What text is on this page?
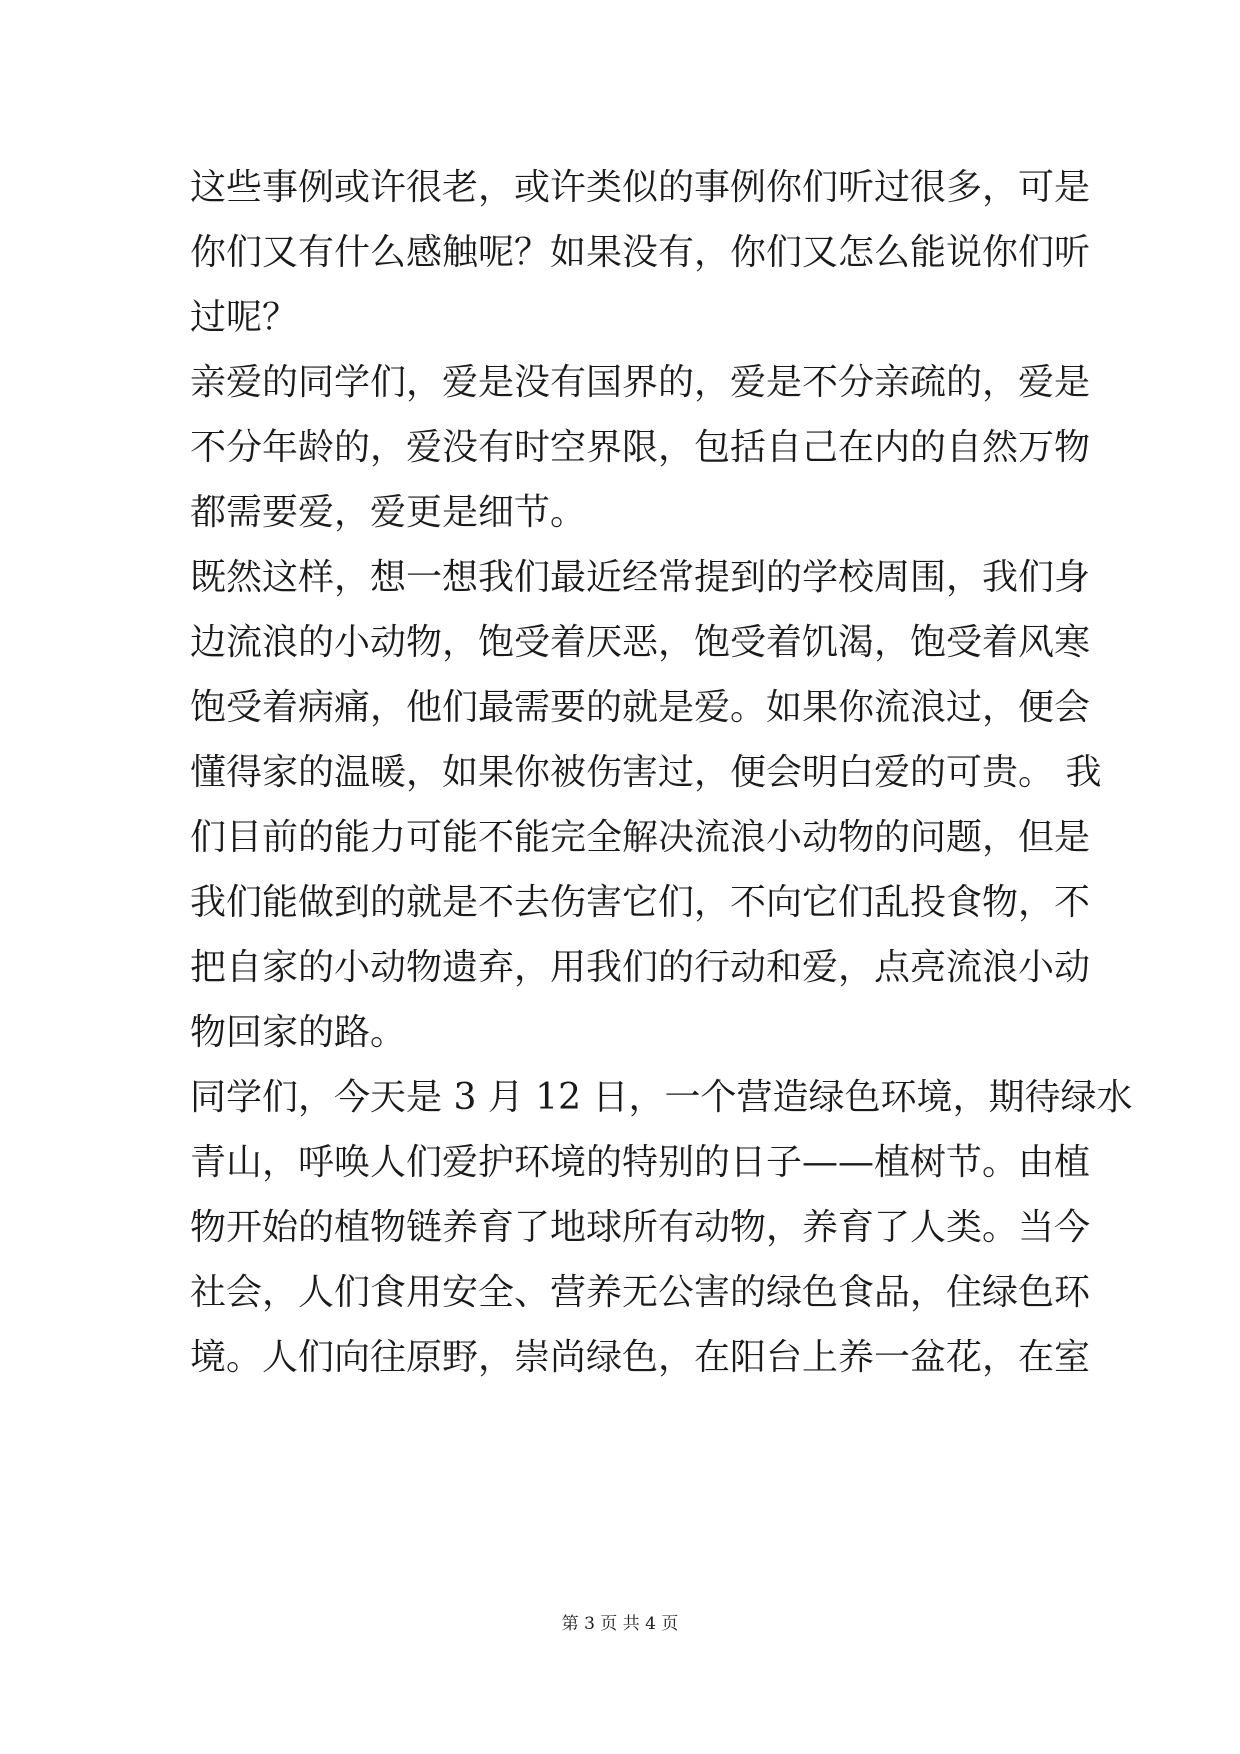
这些事例或许很老，或许类似的事例你们听过很多，可是
你们又有什么感触呢？如果没有，你们又怎么能说你们听
过呢？
亲爱的同学们，爱是没有国界的，爱是不分亲疏的，爱是
不分年龄的，爱没有时空界限，包括自己在内的自然万物
都需要爱，爱更是细节。
既然这样，想一想我们最近经常提到的学校周围，我们身
边流浪的小动物，饱受着厌恶，饱受着饥渴，饱受着风寒
饱受着病痛，他们最需要的就是爱。如果你流浪过，便会
懂得家的温暖，如果你被伤害过，便会明白爱的可贵。 我
们目前的能力可能不能完全解决流浪小动物的问题，但是
我们能做到的就是不去伤害它们，不向它们乱投食物，不
把自家的小动物遗弃，用我们的行动和爱，点亮流浪小动
物回家的路。
同学们，今天是 3 月 12 日，一个营造绿色环境，期待绿水
青山，呼唤人们爱护环境的特别的日子——植树节。由植
物开始的植物链养育了地球所有动物，养育了人类。当今
社会，人们食用安全、营养无公害的绿色食品，住绿色环
境。人们向往原野，崇尚绿色，在阳台上养一盆花，在室
第 3 页 共 4 页
